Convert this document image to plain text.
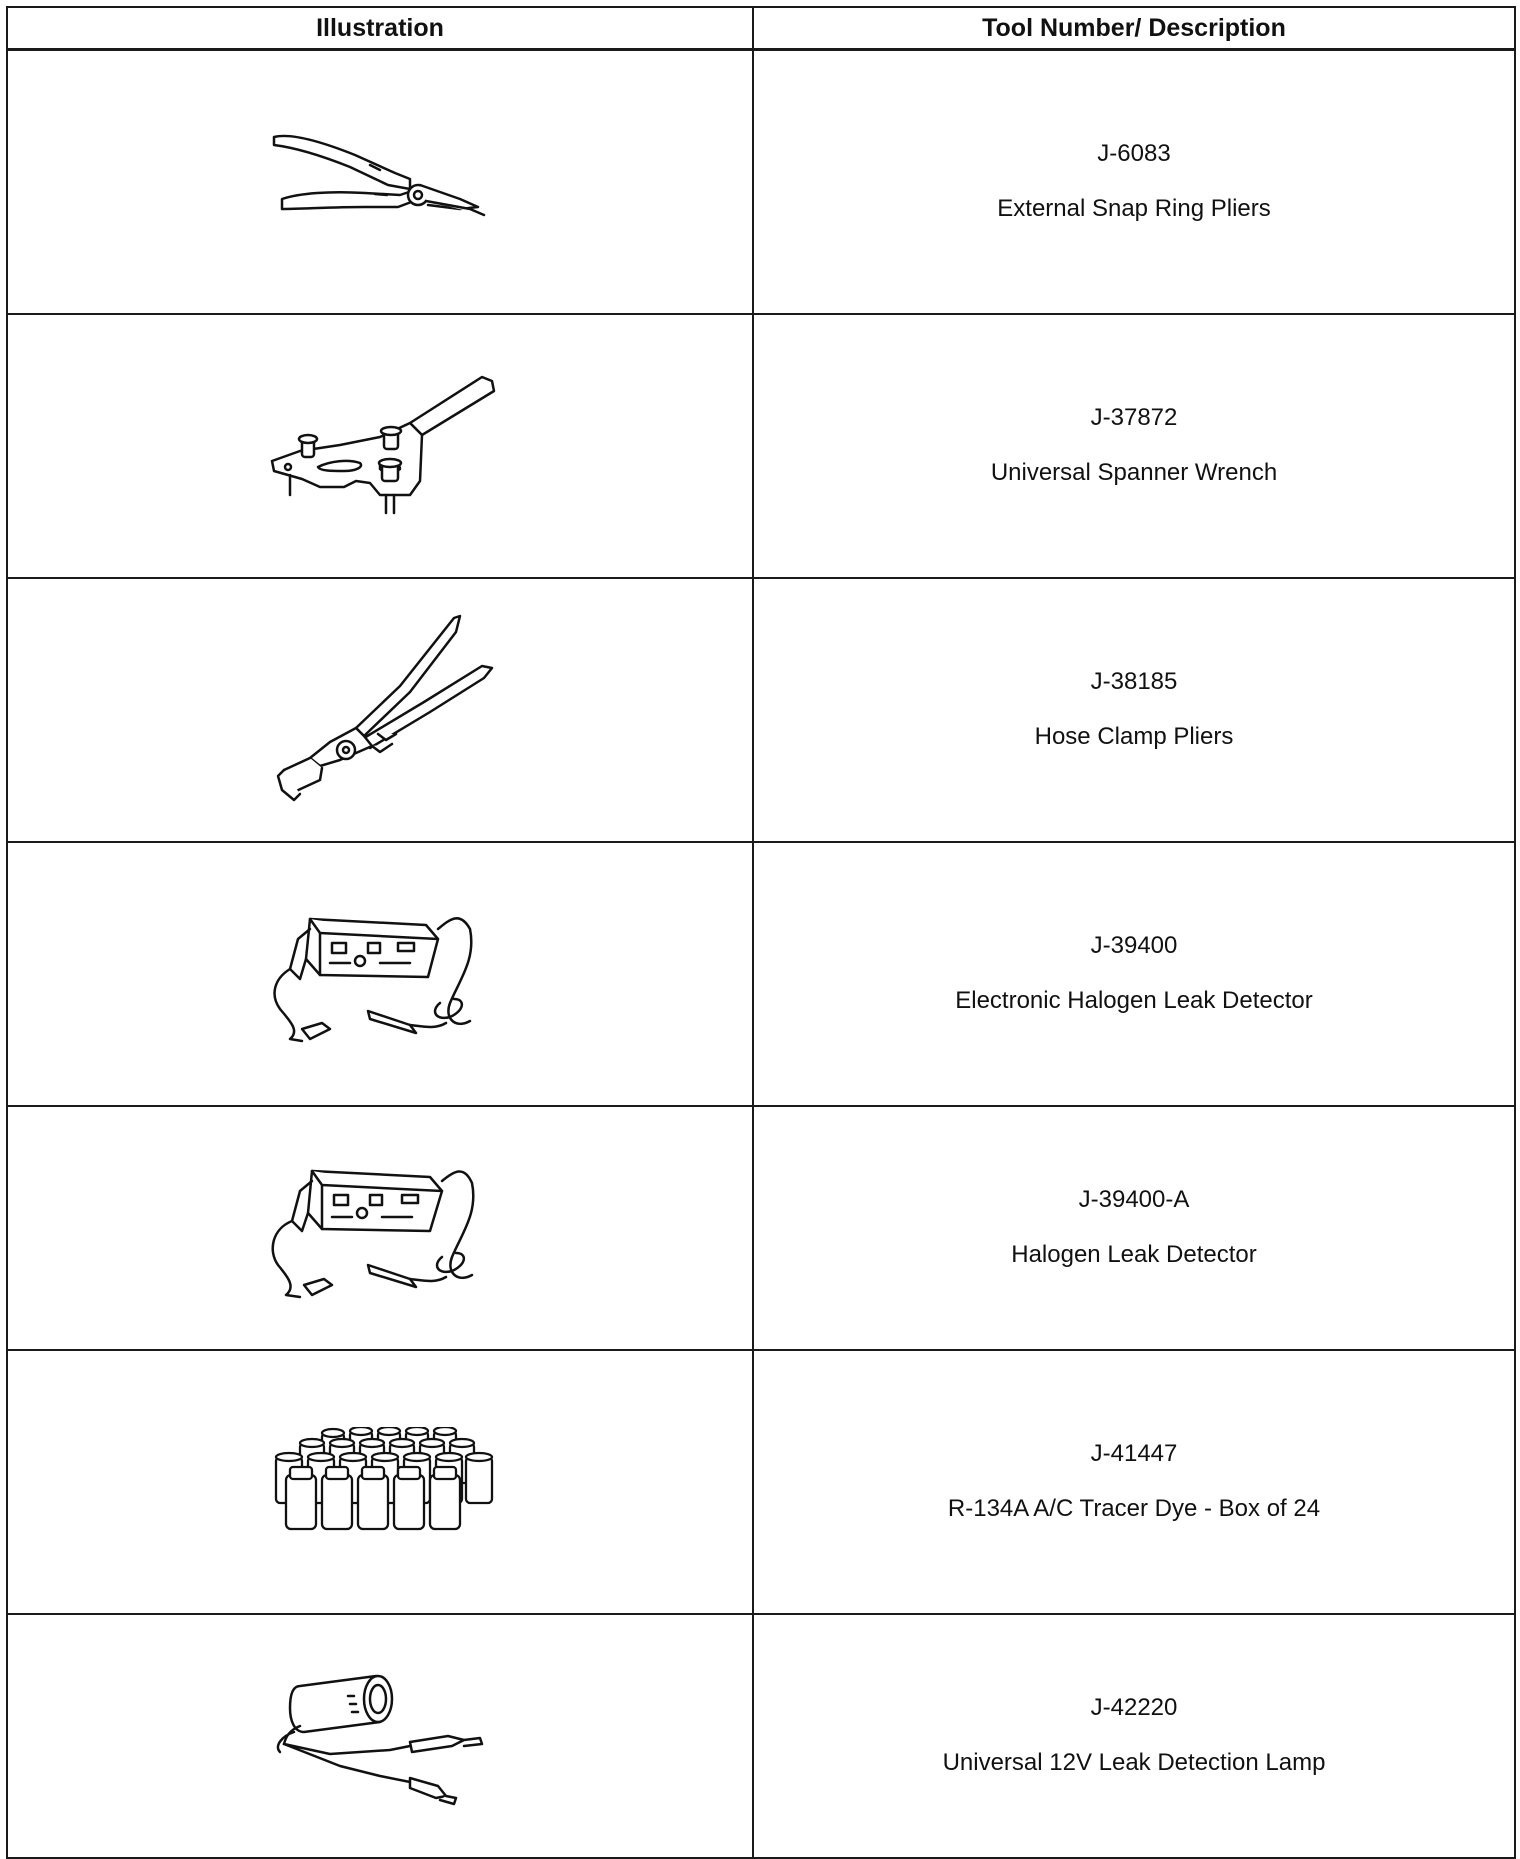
Illustration	Tool Number/ Description

J-6083
External Snap Ring Pliers

J-37872
Universal Spanner Wrench

J-38185
Hose Clamp Pliers

J-39400
Electronic Halogen Leak Detector

J-39400-A
Halogen Leak Detector

J-41447
R-134A A/C Tracer Dye - Box of 24

J-42220
Universal 12V Leak Detection Lamp
